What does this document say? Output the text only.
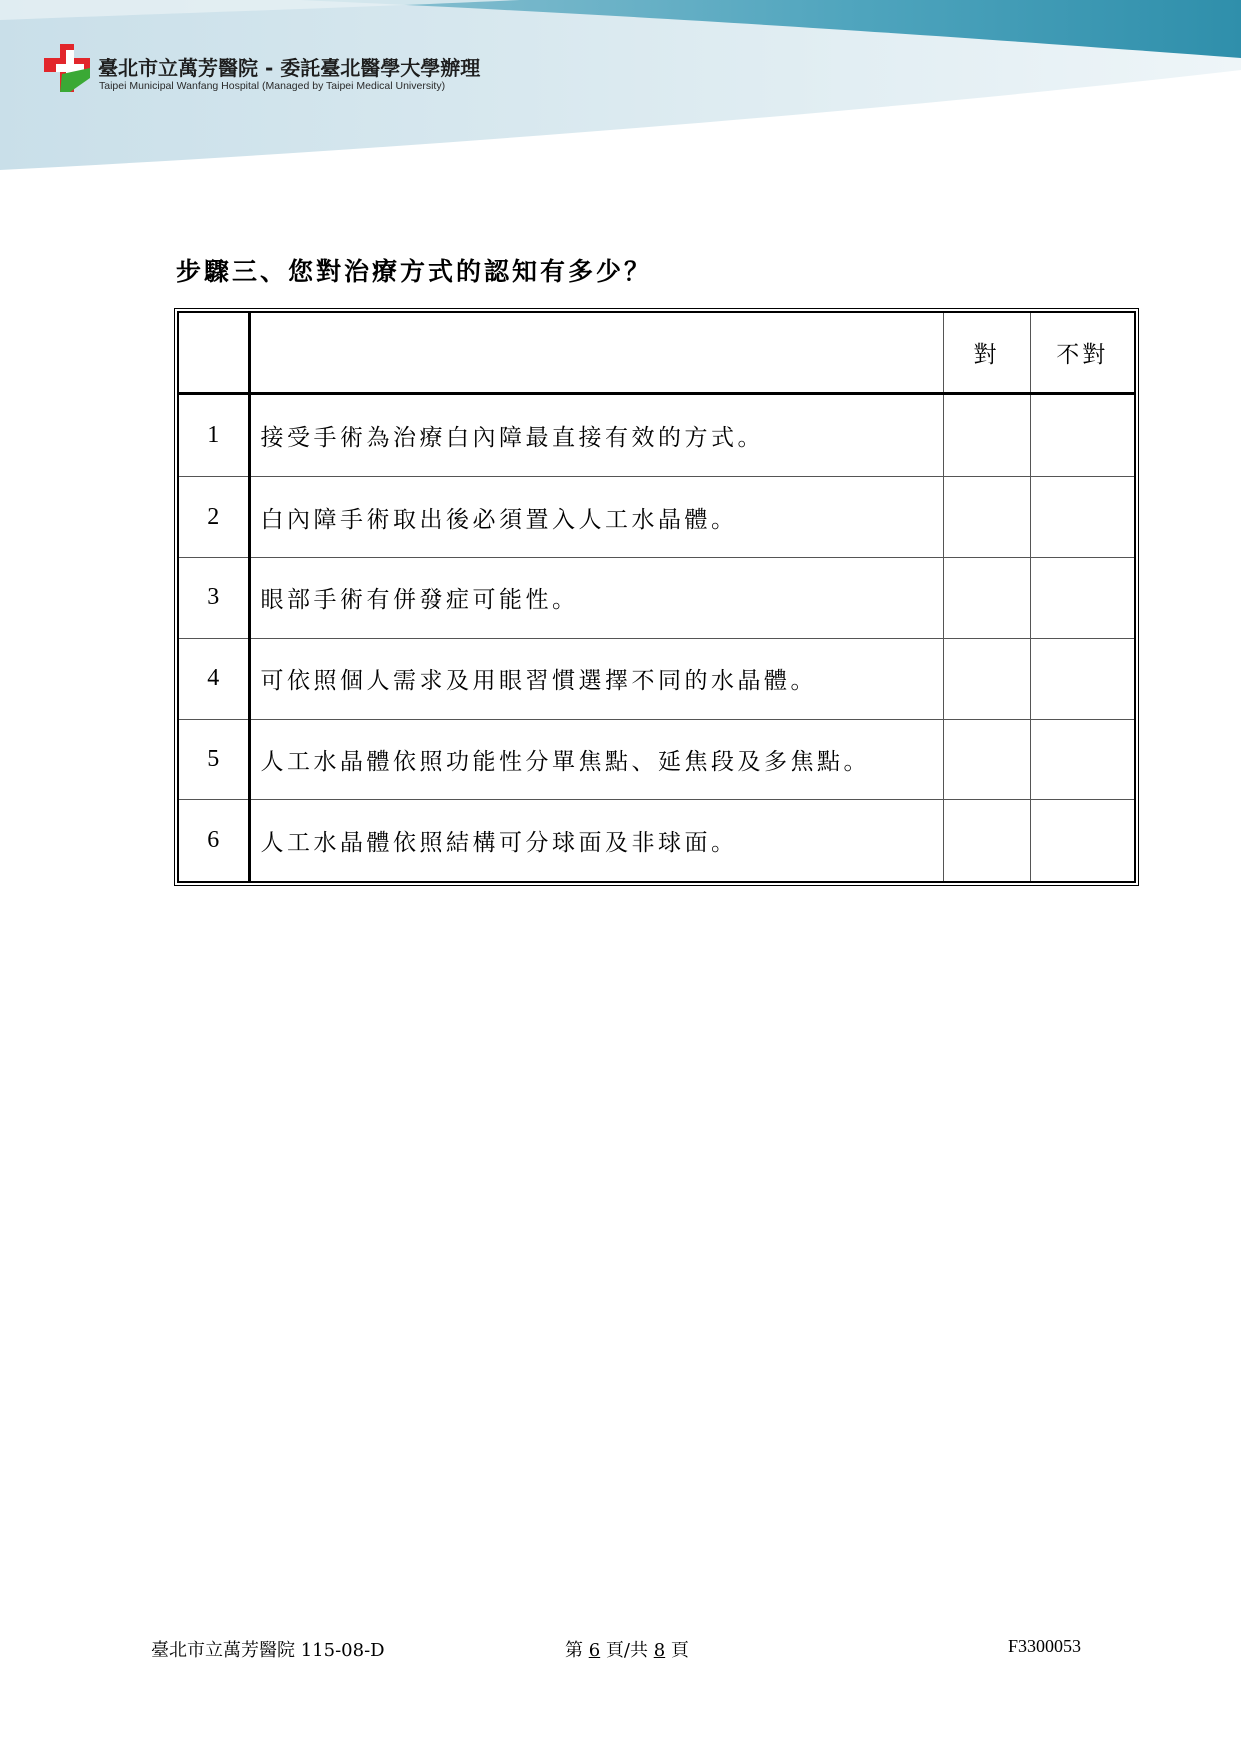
臺北市立萬芳醫院 - 委託臺北醫學大學辦理
Taipei Municipal Wanfang Hospital (Managed by Taipei Medical University)
步驟三、您對治療方式的認知有多少？
		對	不對
1	接受手術為治療白內障最直接有效的方式。		
2	白內障手術取出後必須置入人工水晶體。		
3	眼部手術有併發症可能性。		
4	可依照個人需求及用眼習慣選擇不同的水晶體。		
5	人工水晶體依照功能性分單焦點、延焦段及多焦點。		
6	人工水晶體依照結構可分球面及非球面。		
臺北市立萬芳醫院 115-08-D	第 6 頁/共 8 頁	F3300053
